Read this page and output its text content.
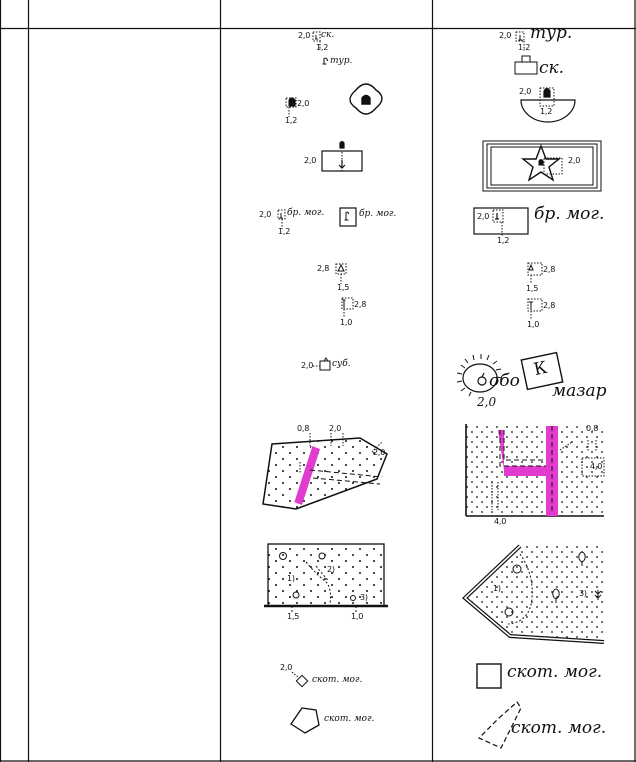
2,0 ск.
1,2
тур.
2,0 тур.
1,2
ск.
2,0
1,2
2,0
1,2
2,0	2,0
2,0 бр. мог.
1,2
бр. мог.	2,0	бр. мог.
1,2
2,8
1,5
2,8
1,0
2,8
1,5
2,8
1,0
2,0 суб.
обо
2,0
К
мазар
0,8 2,0
2,0
0,8
4,0
4,0
2)
1)
3)
1,5	1,0
1)
3)
2,0
скот. мог.
скот. мог.
скот. мог.
скот. мог.
